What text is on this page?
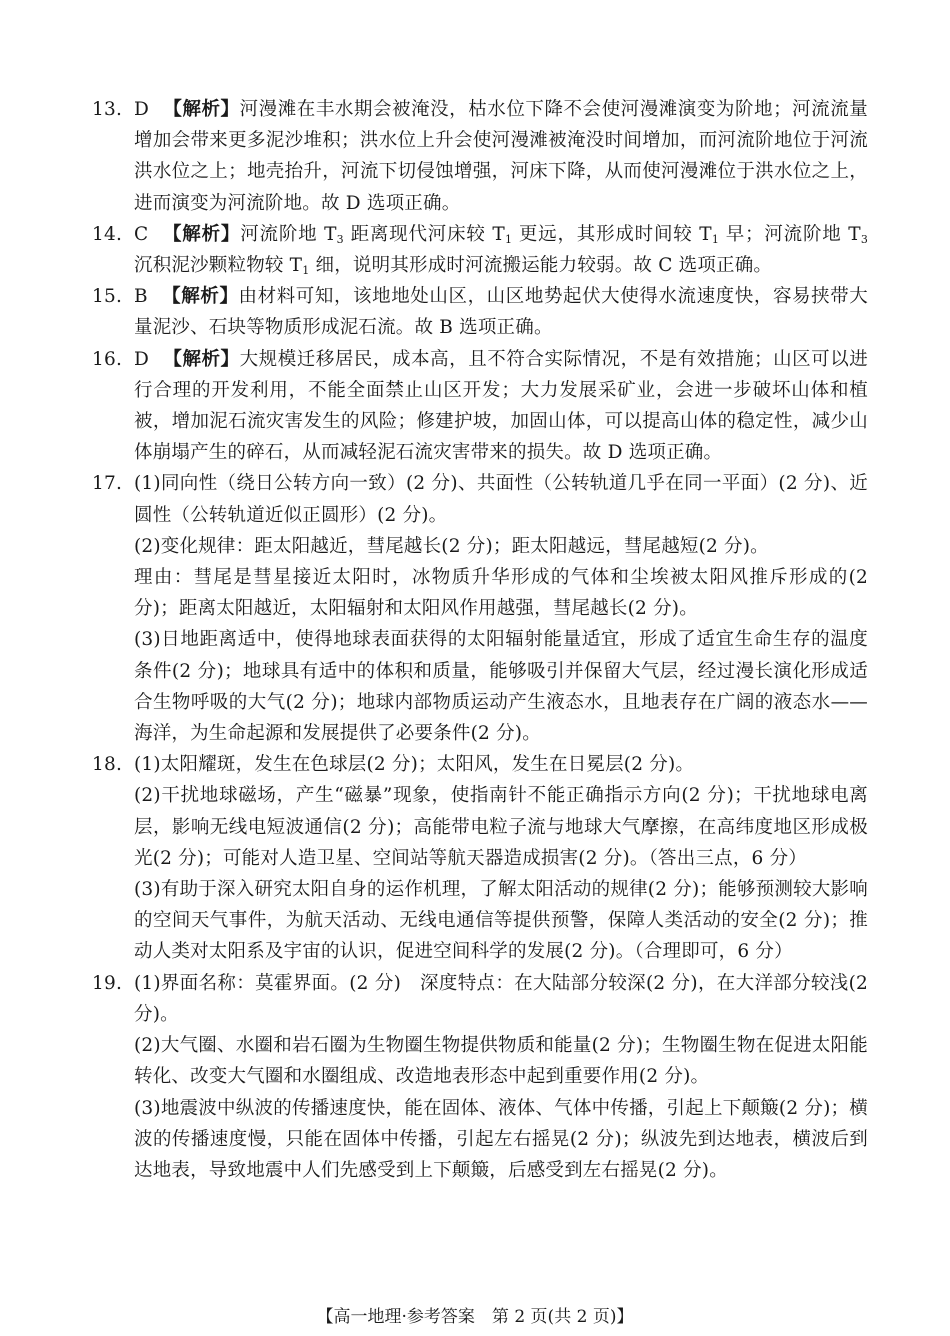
13. D 【解析】河漫滩在丰水期会被淹没，枯水位下降不会使河漫滩演变为阶地；河流流量增加会带来更多泥沙堆积；洪水位上升会使河漫滩被淹没时间增加，而河流阶地位于河流洪水位之上；地壳抬升，河流下切侵蚀增强，河床下降，从而使河漫滩位于洪水位之上，进而演变为河流阶地。故 D 选项正确。
14. C 【解析】河流阶地 $T_3$ 距离现代河床较 $T_1$ 更远，其形成时间较 $T_1$ 早；河流阶地 $T_3$ 沉积泥沙颗粒物较 $T_1$ 细，说明其形成时河流搬运能力较弱。故 C 选项正确。
15. B 【解析】由材料可知，该地地处山区，山区地势起伏大使得水流速度快，容易挟带大量泥沙、石块等物质形成泥石流。故 B 选项正确。
16. D 【解析】大规模迁移居民，成本高，且不符合实际情况，不是有效措施；山区可以进行合理的开发利用，不能全面禁止山区开发；大力发展采矿业，会进一步破坏山体和植被，增加泥石流灾害发生的风险；修建护坡，加固山体，可以提高山体的稳定性，减少山体崩塌产生的碎石，从而减轻泥石流灾害带来的损失。故 D 选项正确。
17. (1)同向性（绕日公转方向一致）(2 分)、共面性（公转轨道几乎在同一平面）(2 分)、近圆性（公转轨道近似正圆形）(2 分)。
(2)变化规律：距太阳越近，彗尾越长(2 分)；距太阳越远，彗尾越短(2 分)。
理由：彗尾是彗星接近太阳时，冰物质升华形成的气体和尘埃被太阳风推斥形成的(2 分)；距离太阳越近，太阳辐射和太阳风作用越强，彗尾越长(2 分)。
(3)日地距离适中，使得地球表面获得的太阳辐射能量适宜，形成了适宜生命生存的温度条件(2 分)；地球具有适中的体积和质量，能够吸引并保留大气层，经过漫长演化形成适合生物呼吸的大气(2 分)；地球内部物质运动产生液态水，且地表存在广阔的液态水——海洋，为生命起源和发展提供了必要条件(2 分)。
18. (1)太阳耀斑，发生在色球层(2 分)；太阳风，发生在日冕层(2 分)。
(2)干扰地球磁场，产生“磁暴”现象，使指南针不能正确指示方向(2 分)；干扰地球电离层，影响无线电短波通信(2 分)；高能带电粒子流与地球大气摩擦，在高纬度地区形成极光(2 分)；可能对人造卫星、空间站等航天器造成损害(2 分)。（答出三点，6 分）
(3)有助于深入研究太阳自身的运作机理，了解太阳活动的规律(2 分)；能够预测较大影响的空间天气事件，为航天活动、无线电通信等提供预警，保障人类活动的安全(2 分)；推动人类对太阳系及宇宙的认识，促进空间科学的发展(2 分)。（合理即可，6 分）
19. (1)界面名称：莫霍界面。(2 分)　深度特点：在大陆部分较深(2 分)，在大洋部分较浅(2 分)。
(2)大气圈、水圈和岩石圈为生物圈生物提供物质和能量(2 分)；生物圈生物在促进太阳能转化、改变大气圈和水圈组成、改造地表形态中起到重要作用(2 分)。
(3)地震波中纵波的传播速度快，能在固体、液体、气体中传播，引起上下颠簸(2 分)；横波的传播速度慢，只能在固体中传播，引起左右摇晃(2 分)；纵波先到达地表，横波后到达地表，导致地震中人们先感受到上下颠簸，后感受到左右摇晃(2 分)。
【高一地理·参考答案　第 2 页(共 2 页)】
